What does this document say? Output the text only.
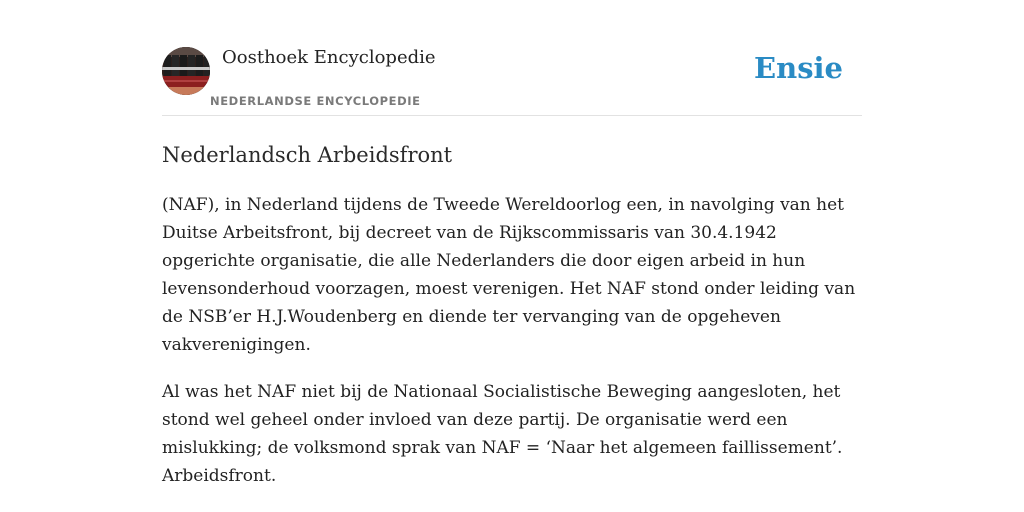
Oosthoek Encyclopedie
NEDERLANDSE ENCYCLOPEDIE
Ensie
Nederlandsch Arbeidsfront

(NAF), in Nederland tijdens de Tweede Wereldoorlog een, in navolging van het Duitse Arbeitsfront, bij decreet van de Rijkscommissaris van 30.4.1942 opgerichte organisatie, die alle Nederlanders die door eigen arbeid in hun levensonderhoud voorzagen, moest verenigen. Het NAF stond onder leiding van de NSB’er H.J.Woudenberg en diende ter vervanging van de opgeheven vakverenigingen.

Al was het NAF niet bij de Nationaal Socialistische Beweging aangesloten, het stond wel geheel onder invloed van deze partij. De organisatie werd een mislukking; de volksmond sprak van NAF = ‘Naar het algemeen faillissement’. Arbeidsfront.
